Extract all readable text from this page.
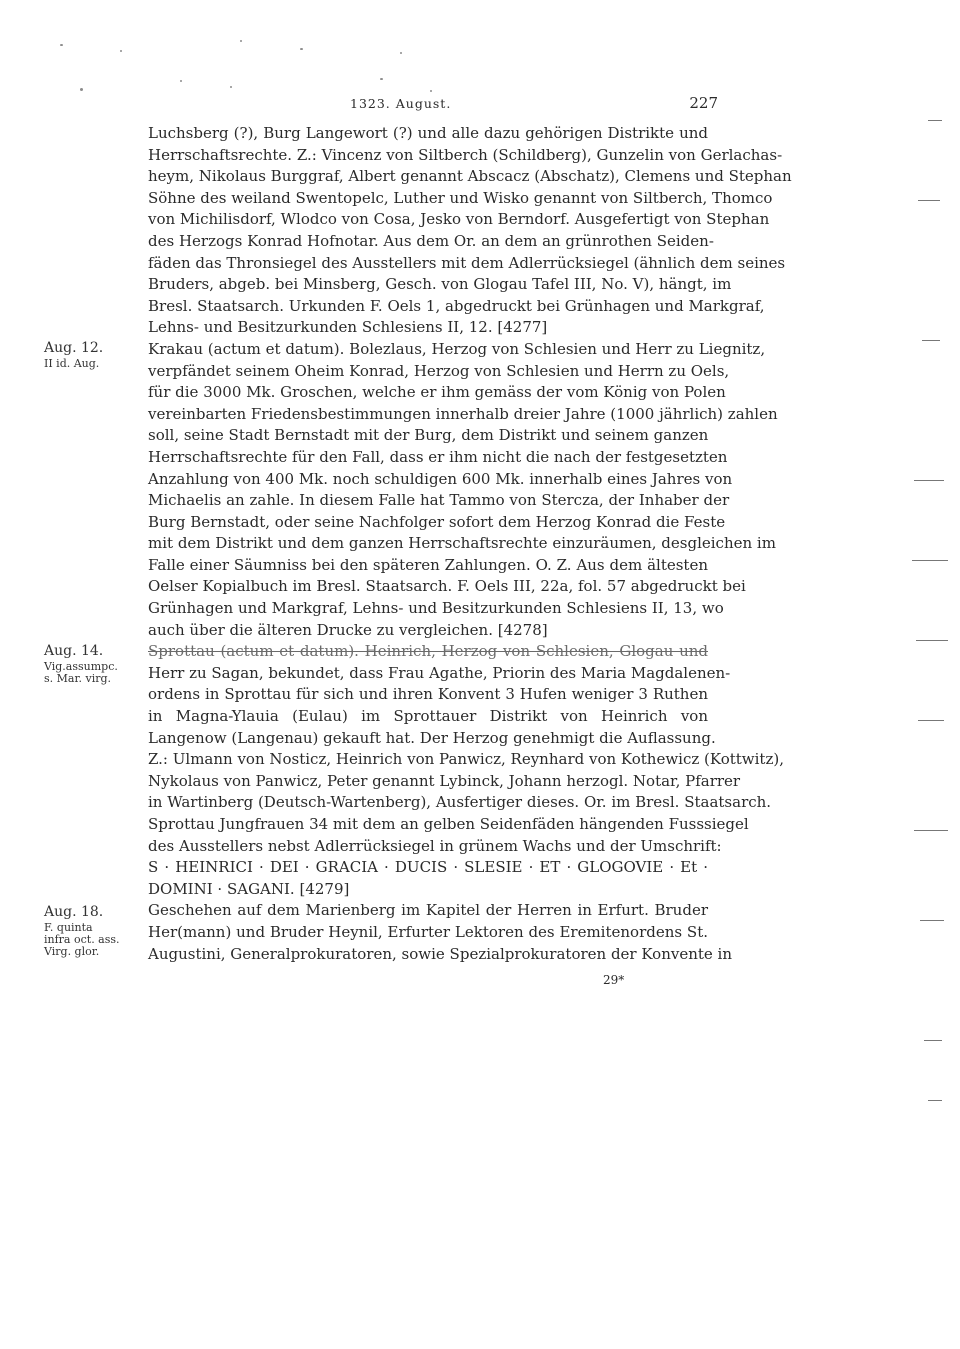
1323. August.	227
Aug. 12.
II id. Aug.
Aug. 14.
Vig.assumpc.
s. Mar. virg.
Aug. 18.
F. quinta
infra oct. ass.
Virg. glor.
Luchsberg (?), Burg Langewort (?) und alle dazu gehörigen Distrikte und
Herrschaftsrechte. Z.: Vincenz von Siltberch (Schildberg), Gunzelin von Gerlachas-
heym, Nikolaus Burggraf, Albert genannt Abscacz (Abschatz), Clemens und Stephan
Söhne des weiland Swentopelc, Luther und Wisko genannt von Siltberch, Thomco
von Michilisdorf, Wlodco von Cosa, Jesko von Berndorf. Ausgefertigt von Stephan
des Herzogs Konrad Hofnotar. Aus dem Or. an dem an grünrothen Seiden-
fäden das Thronsiegel des Ausstellers mit dem Adlerrücksiegel (ähnlich dem seines
Bruders, abgeb. bei Minsberg, Gesch. von Glogau Tafel III, No. V), hängt, im
Bresl. Staatsarch. Urkunden F. Oels 1, abgedruckt bei Grünhagen und Markgraf,
Lehns- und Besitzurkunden Schlesiens II, 12. [4277]
Krakau (actum et datum). Bolezlaus, Herzog von Schlesien und Herr zu Liegnitz,
verpfändet seinem Oheim Konrad, Herzog von Schlesien und Herrn zu Oels,
für die 3000 Mk. Groschen, welche er ihm gemäss der vom König von Polen
vereinbarten Friedensbestimmungen innerhalb dreier Jahre (1000 jährlich) zahlen
soll, seine Stadt Bernstadt mit der Burg, dem Distrikt und seinem ganzen
Herrschaftsrechte für den Fall, dass er ihm nicht die nach der festgesetzten
Anzahlung von 400 Mk. noch schuldigen 600 Mk. innerhalb eines Jahres von
Michaelis an zahle. In diesem Falle hat Tammo von Stercza, der Inhaber der
Burg Bernstadt, oder seine Nachfolger sofort dem Herzog Konrad die Feste
mit dem Distrikt und dem ganzen Herrschaftsrechte einzuräumen, desgleichen im
Falle einer Säumniss bei den späteren Zahlungen. O. Z. Aus dem ältesten
Oelser Kopialbuch im Bresl. Staatsarch. F. Oels III, 22a, fol. 57 abgedruckt bei
Grünhagen und Markgraf, Lehns- und Besitzurkunden Schlesiens II, 13, wo
auch über die älteren Drucke zu vergleichen. [4278]
Sprottau (actum et datum). Heinrich, Herzog von Schlesien, Glogau und
Herr zu Sagan, bekundet, dass Frau Agathe, Priorin des Maria Magdalenen-
ordens in Sprottau für sich und ihren Konvent 3 Hufen weniger 3 Ruthen
in Magna-Ylauia (Eulau) im Sprottauer Distrikt von Heinrich von
Langenow (Langenau) gekauft hat. Der Herzog genehmigt die Auflassung.
Z.: Ulmann von Nosticz, Heinrich von Panwicz, Reynhard von Kothewicz (Kottwitz),
Nykolaus von Panwicz, Peter genannt Lybinck, Johann herzogl. Notar, Pfarrer
in Wartinberg (Deutsch-Wartenberg), Ausfertiger dieses. Or. im Bresl. Staatsarch.
Sprottau Jungfrauen 34 mit dem an gelben Seidenfäden hängenden Fusssiegel
des Ausstellers nebst Adlerrücksiegel in grünem Wachs und der Umschrift:
S · HEINRICI · DEI · GRACIA · DUCIS · SLESIE · ET · GLOGOVIE · Et ·
DOMINI · SAGANI. [4279]
Geschehen auf dem Marienberg im Kapitel der Herren in Erfurt. Bruder
Her(mann) und Bruder Heynil, Erfurter Lektoren des Eremitenordens St.
Augustini, Generalprokuratoren, sowie Spezialprokuratoren der Konvente in
29*
